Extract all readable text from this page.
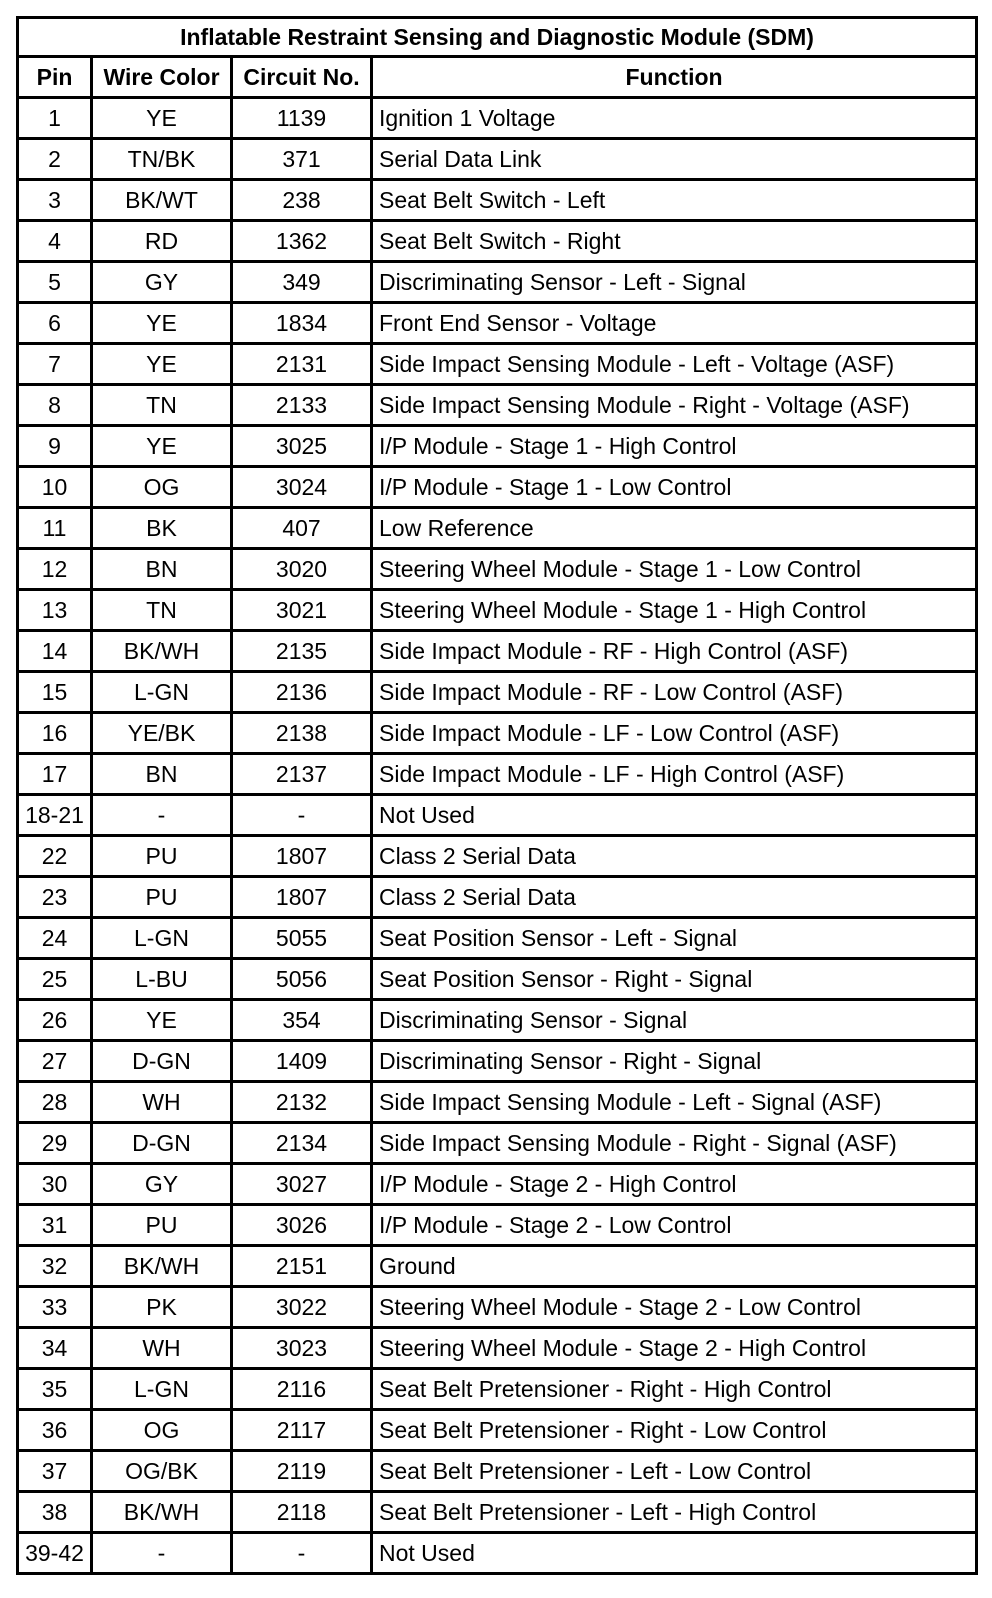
Inflatable Restraint Sensing and Diagnostic Module (SDM)			
Pin	Wire Color	Circuit No.	Function
1	YE	1139	Ignition 1 Voltage
2	TN/BK	371	Serial Data Link
3	BK/WT	238	Seat Belt Switch - Left
4	RD	1362	Seat Belt Switch - Right
5	GY	349	Discriminating Sensor - Left - Signal
6	YE	1834	Front End Sensor - Voltage
7	YE	2131	Side Impact Sensing Module - Left - Voltage (ASF)
8	TN	2133	Side Impact Sensing Module - Right - Voltage (ASF)
9	YE	3025	I/P Module - Stage 1 - High Control
10	OG	3024	I/P Module - Stage 1 - Low Control
11	BK	407	Low Reference
12	BN	3020	Steering Wheel Module - Stage 1 - Low Control
13	TN	3021	Steering Wheel Module - Stage 1 - High Control
14	BK/WH	2135	Side Impact Module - RF - High Control (ASF)
15	L-GN	2136	Side Impact Module - RF - Low Control (ASF)
16	YE/BK	2138	Side Impact Module - LF - Low Control (ASF)
17	BN	2137	Side Impact Module - LF - High Control (ASF)
18-21	-	-	Not Used
22	PU	1807	Class 2 Serial Data
23	PU	1807	Class 2 Serial Data
24	L-GN	5055	Seat Position Sensor - Left - Signal
25	L-BU	5056	Seat Position Sensor - Right - Signal
26	YE	354	Discriminating Sensor - Signal
27	D-GN	1409	Discriminating Sensor - Right - Signal
28	WH	2132	Side Impact Sensing Module - Left - Signal (ASF)
29	D-GN	2134	Side Impact Sensing Module - Right - Signal (ASF)
30	GY	3027	I/P Module - Stage 2 - High Control
31	PU	3026	I/P Module - Stage 2 - Low Control
32	BK/WH	2151	Ground
33	PK	3022	Steering Wheel Module - Stage 2 - Low Control
34	WH	3023	Steering Wheel Module - Stage 2 - High Control
35	L-GN	2116	Seat Belt Pretensioner - Right - High Control
36	OG	2117	Seat Belt Pretensioner - Right - Low Control
37	OG/BK	2119	Seat Belt Pretensioner - Left - Low Control
38	BK/WH	2118	Seat Belt Pretensioner - Left - High Control
39-42	-	-	Not Used
